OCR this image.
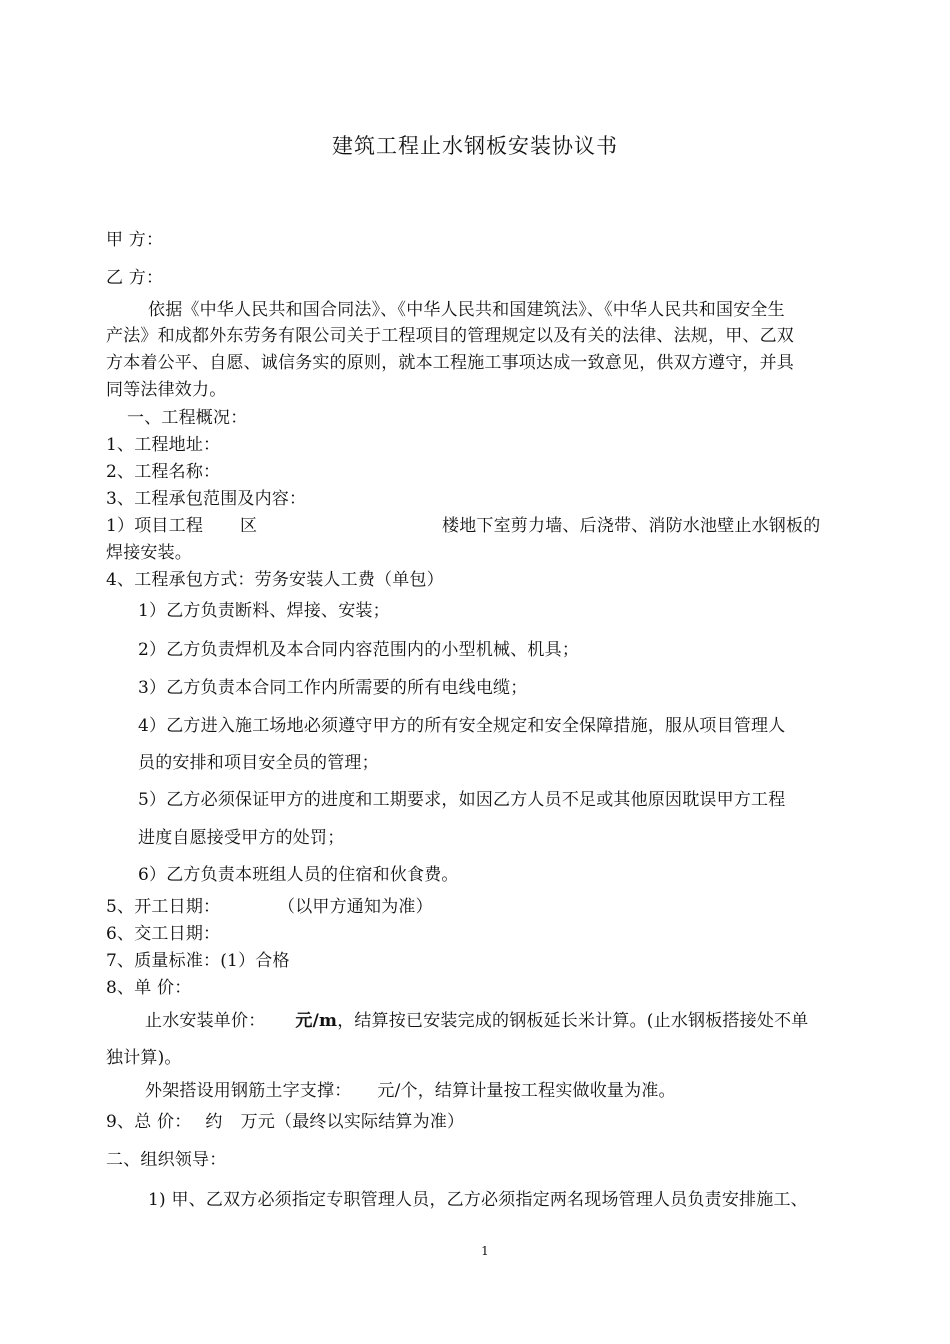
建筑工程止水钢板安装协议书
甲 方：
乙 方：
依据《中华人民共和国合同法》、《中华人民共和国建筑法》、《中华人民共和国安全生
产法》和成都外东劳务有限公司关于工程项目的管理规定以及有关的法律、法规，甲、乙双
方本着公平、自愿、诚信务实的原则，就本工程施工事项达成一致意见，供双方遵守，并具
同等法律效力。
一、工程概况：
1、工程地址：
2、工程名称：
3、工程承包范围及内容：
1）项目工程 区	楼地下室剪力墙、后浇带、消防水池壁止水钢板的
焊接安装。
4、工程承包方式：劳务安装人工费（单包）
1）乙方负责断料、焊接、安装；
2）乙方负责焊机及本合同内容范围内的小型机械、机具；
3）乙方负责本合同工作内所需要的所有电线电缆；
4）乙方进入施工场地必须遵守甲方的所有安全规定和安全保障措施，服从项目管理人
员的安排和项目安全员的管理；
5）乙方必须保证甲方的进度和工期要求，如因乙方人员不足或其他原因耽误甲方工程
进度自愿接受甲方的处罚；
6）乙方负责本班组人员的住宿和伙食费。
5、开工日期：	（以甲方通知为准）
6、交工日期：
7、质量标准：(1）合格
8、单 价：
止水安装单价： 元/m，结算按已安装完成的钢板延长米计算。(止水钢板搭接处不单
独计算)。
外架搭设用钢筋土字支撑： 元/个，结算计量按工程实做收量为准。
9、总 价： 约 万元（最终以实际结算为准）
二、组织领导：
1) 甲、乙双方必须指定专职管理人员，乙方必须指定两名现场管理人员负责安排施工、
1
